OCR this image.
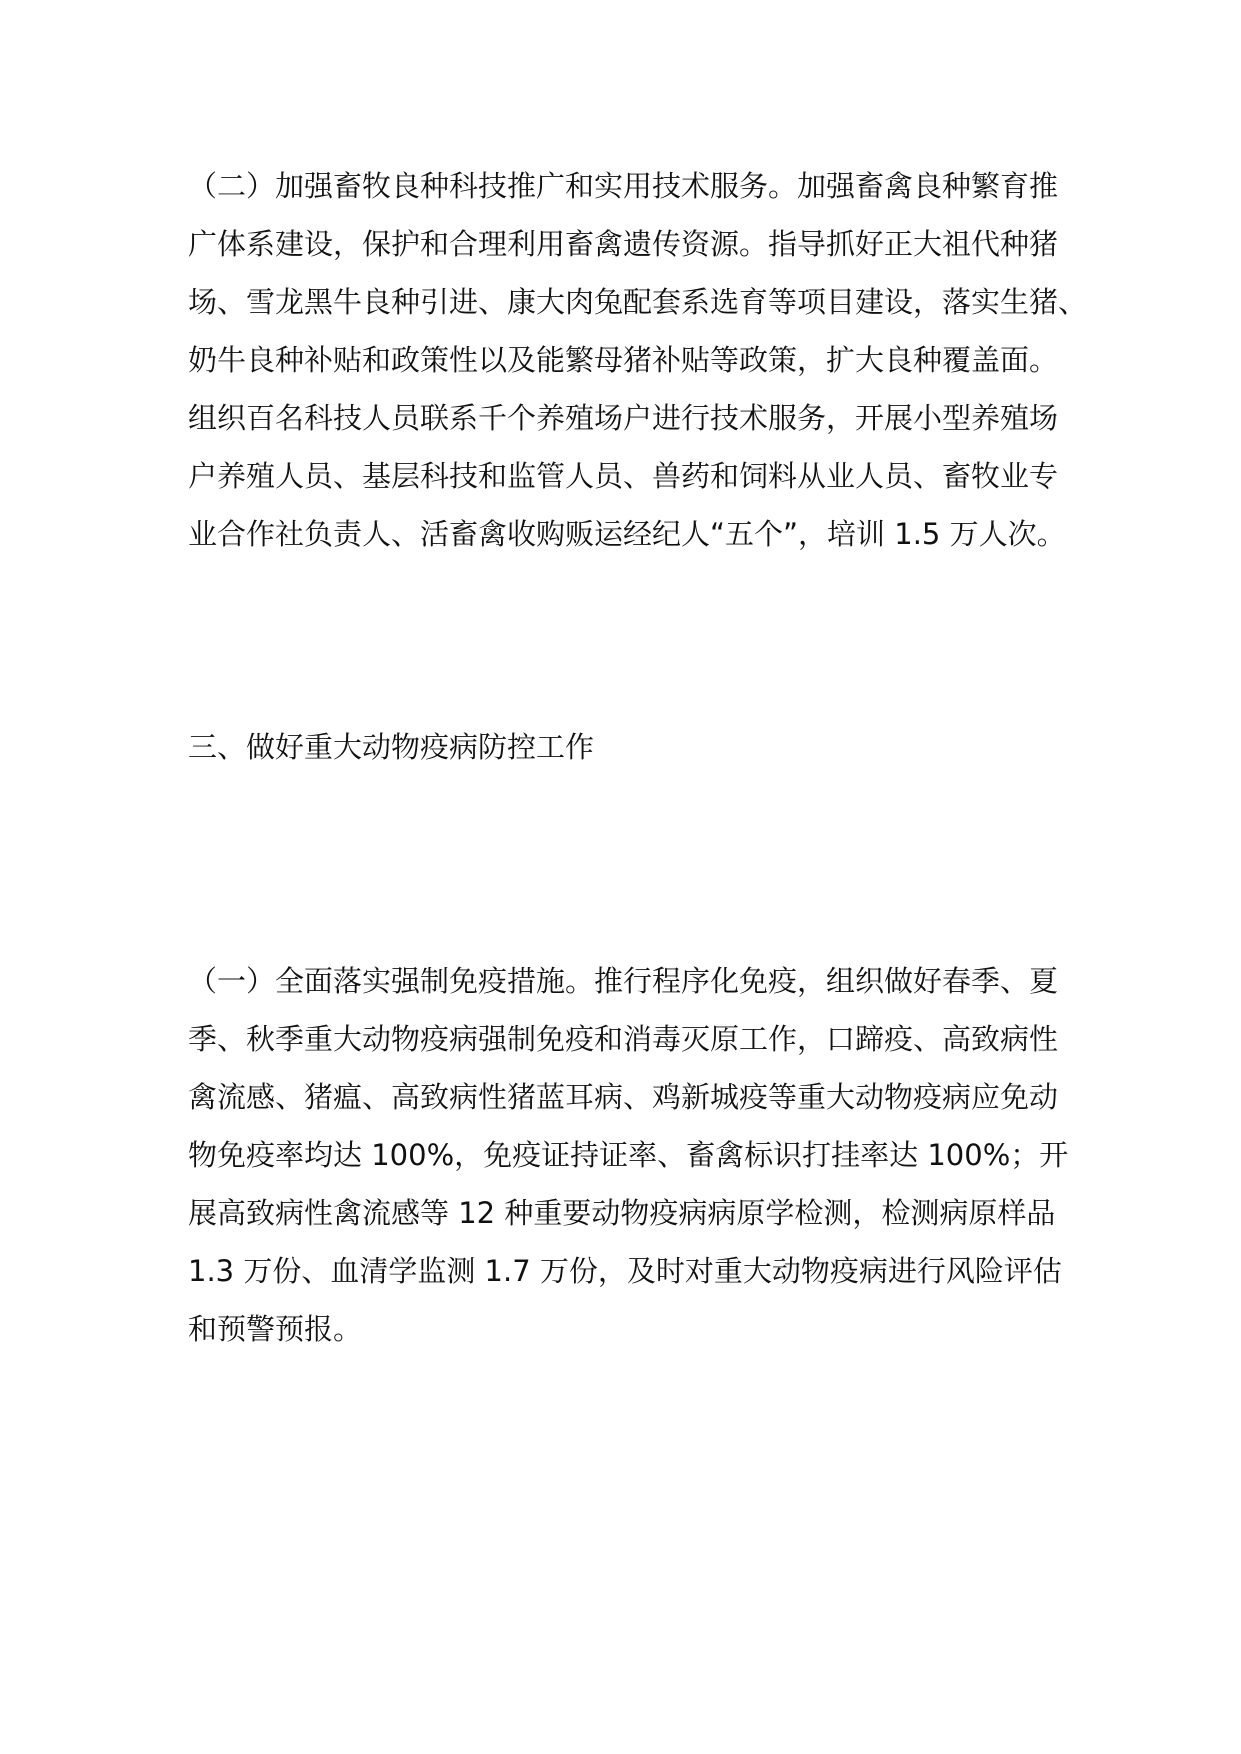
（二）加强畜牧良种科技推广和实用技术服务。加强畜禽良种繁育推
广体系建设，保护和合理利用畜禽遗传资源。指导抓好正大祖代种猪
场、雪龙黑牛良种引进、康大肉兔配套系选育等项目建设，落实生猪、
奶牛良种补贴和政策性以及能繁母猪补贴等政策，扩大良种覆盖面。
组织百名科技人员联系千个养殖场户进行技术服务，开展小型养殖场
户养殖人员、基层科技和监管人员、兽药和饲料从业人员、畜牧业专
业合作社负责人、活畜禽收购贩运经纪人“五个”，培训 1.5 万人次。
三、做好重大动物疫病防控工作
（一）全面落实强制免疫措施。推行程序化免疫，组织做好春季、夏
季、秋季重大动物疫病强制免疫和消毒灭原工作，口蹄疫、高致病性
禽流感、猪瘟、高致病性猪蓝耳病、鸡新城疫等重大动物疫病应免动
物免疫率均达 100%，免疫证持证率、畜禽标识打挂率达 100%；开
展高致病性禽流感等 12 种重要动物疫病病原学检测，检测病原样品
1.3 万份、血清学监测 1.7 万份，及时对重大动物疫病进行风险评估
和预警预报。
